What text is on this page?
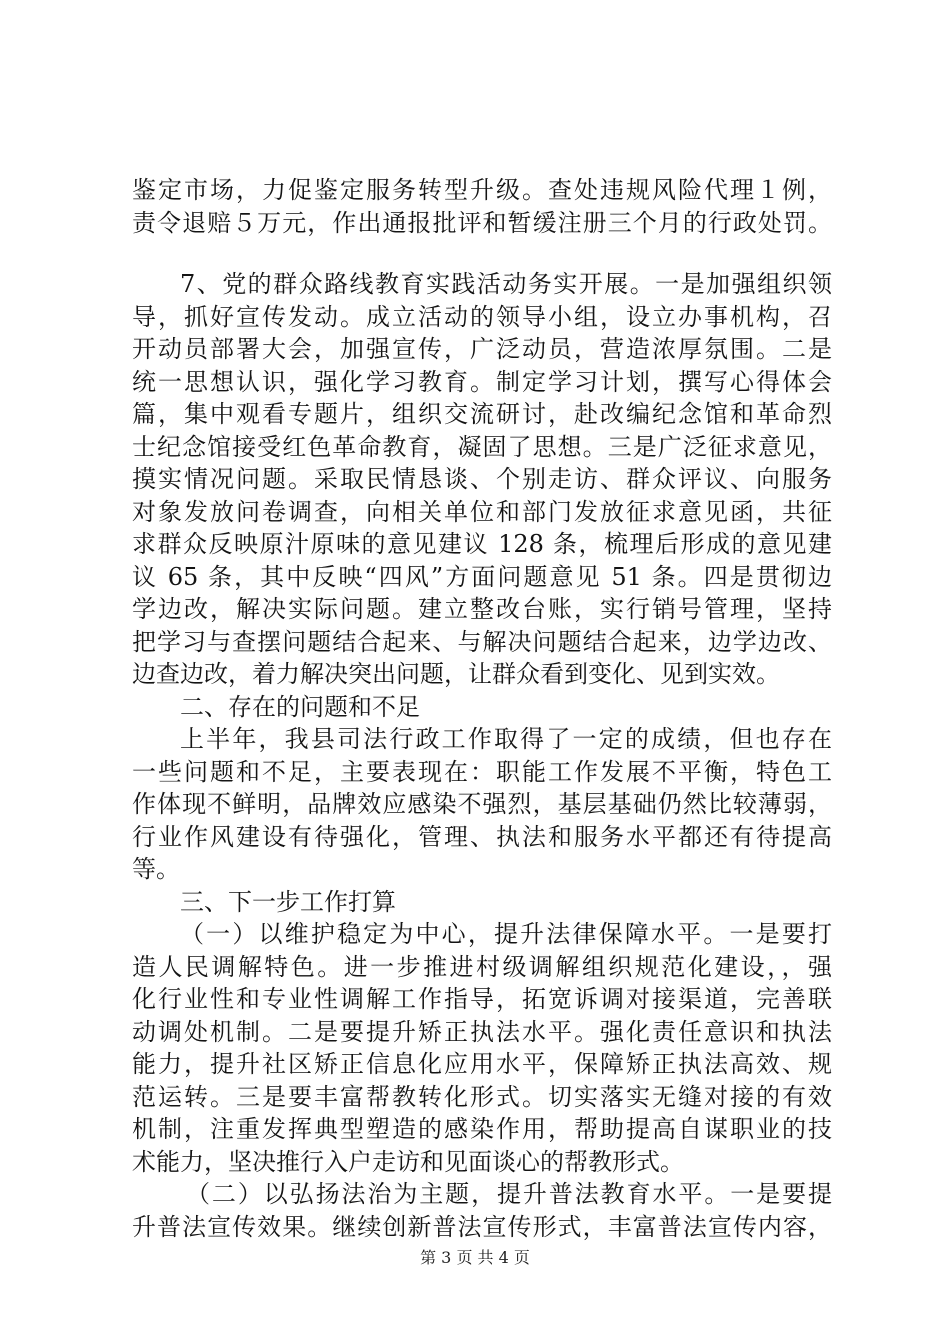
鉴定市场，力促鉴定服务转型升级。查处违规风险代理１例，
责令退赔５万元，作出通报批评和暂缓注册三个月的行政处罚。
7、党的群众路线教育实践活动务实开展。一是加强组织领
导，抓好宣传发动。成立活动的领导小组，设立办事机构，召
开动员部署大会，加强宣传，广泛动员，营造浓厚氛围。二是
统一思想认识，强化学习教育。制定学习计划，撰写心得体会
篇，集中观看专题片，组织交流研讨，赴改编纪念馆和革命烈
士纪念馆接受红色革命教育，凝固了思想。三是广泛征求意见，
摸实情况问题。采取民情恳谈、个别走访、群众评议、向服务
对象发放问卷调查，向相关单位和部门发放征求意见函，共征
求群众反映原汁原味的意见建议 128 条，梳理后形成的意见建
议 65 条，其中反映“四风”方面问题意见 51 条。四是贯彻边
学边改，解决实际问题。建立整改台账，实行销号管理，坚持
把学习与查摆问题结合起来、与解决问题结合起来，边学边改、
边查边改，着力解决突出问题，让群众看到变化、见到实效。
二、存在的问题和不足
上半年，我县司法行政工作取得了一定的成绩，但也存在
一些问题和不足，主要表现在：职能工作发展不平衡，特色工
作体现不鲜明，品牌效应感染不强烈，基层基础仍然比较薄弱，
行业作风建设有待强化，管理、执法和服务水平都还有待提高
等。
三、下一步工作打算
（一）以维护稳定为中心，提升法律保障水平。一是要打
造人民调解特色。进一步推进村级调解组织规范化建设，，强
化行业性和专业性调解工作指导，拓宽诉调对接渠道，完善联
动调处机制。二是要提升矫正执法水平。强化责任意识和执法
能力，提升社区矫正信息化应用水平，保障矫正执法高效、规
范运转。三是要丰富帮教转化形式。切实落实无缝对接的有效
机制，注重发挥典型塑造的感染作用，帮助提高自谋职业的技
术能力，坚决推行入户走访和见面谈心的帮教形式。
（二）以弘扬法治为主题，提升普法教育水平。一是要提
升普法宣传效果。继续创新普法宣传形式，丰富普法宣传内容，
第 3 页 共 4 页
